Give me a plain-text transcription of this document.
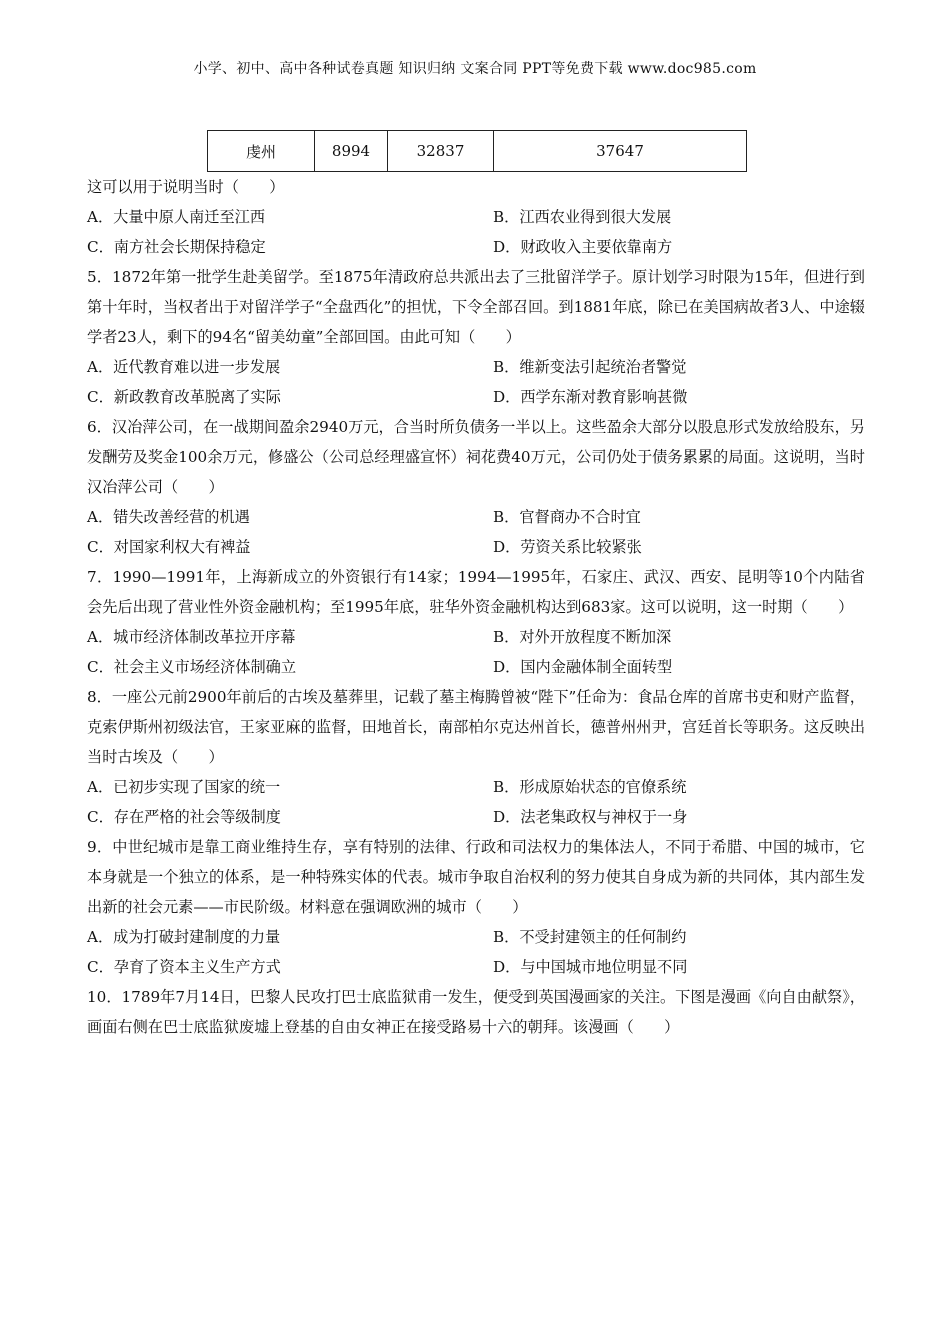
小学、初中、高中各种试卷真题 知识归纳 文案合同 PPT等免费下载 www.doc985.com
虔州	8994	32837	37647

这可以用于说明当时（　　）

A．大量中原人南迁至江西	B．江西农业得到很大发展
C．南方社会长期保持稳定	D．财政收入主要依靠南方

5．1872年第一批学生赴美留学。至1875年清政府总共派出去了三批留洋学子。原计划学习时限为15年，但进行到第十年时，当权者出于对留洋学子“全盘西化”的担忧，下令全部召回。到1881年底，除已在美国病故者3人、中途辍学者23人，剩下的94名“留美幼童”全部回国。由此可知（　　）

A．近代教育难以进一步发展	B．维新变法引起统治者警觉
C．新政教育改革脱离了实际	D．西学东渐对教育影响甚微

6．汉冶萍公司，在一战期间盈余2940万元，合当时所负债务一半以上。这些盈余大部分以股息形式发放给股东，另发酬劳及奖金100余万元，修盛公（公司总经理盛宣怀）祠花费40万元，公司仍处于债务累累的局面。这说明，当时汉冶萍公司（　　）

A．错失改善经营的机遇	B．官督商办不合时宜
C．对国家利权大有裨益	D．劳资关系比较紧张

7．1990—1991年，上海新成立的外资银行有14家；1994—1995年，石家庄、武汉、西安、昆明等10个内陆省会先后出现了营业性外资金融机构；至1995年底，驻华外资金融机构达到683家。这可以说明，这一时期（　　）

A．城市经济体制改革拉开序幕	B．对外开放程度不断加深
C．社会主义市场经济体制确立	D．国内金融体制全面转型

8．一座公元前2900年前后的古埃及墓葬里，记载了墓主梅腾曾被“陛下”任命为：食品仓库的首席书吏和财产监督，克索伊斯州初级法官，王家亚麻的监督，田地首长，南部柏尔克达州首长，德普州州尹，宫廷首长等职务。这反映出当时古埃及（　　）

A．已初步实现了国家的统一	B．形成原始状态的官僚系统
C．存在严格的社会等级制度	D．法老集政权与神权于一身

9．中世纪城市是靠工商业维持生存，享有特别的法律、行政和司法权力的集体法人，不同于希腊、中国的城市，它本身就是一个独立的体系，是一种特殊实体的代表。城市争取自治权利的努力使其自身成为新的共同体，其内部生发出新的社会元素——市民阶级。材料意在强调欧洲的城市（　　）

A．成为打破封建制度的力量	B．不受封建领主的任何制约
C．孕育了资本主义生产方式	D．与中国城市地位明显不同

10．1789年7月14日，巴黎人民攻打巴士底监狱甫一发生，便受到英国漫画家的关注。下图是漫画《向自由献祭》，画面右侧在巴士底监狱废墟上登基的自由女神正在接受路易十六的朝拜。该漫画（　　）
